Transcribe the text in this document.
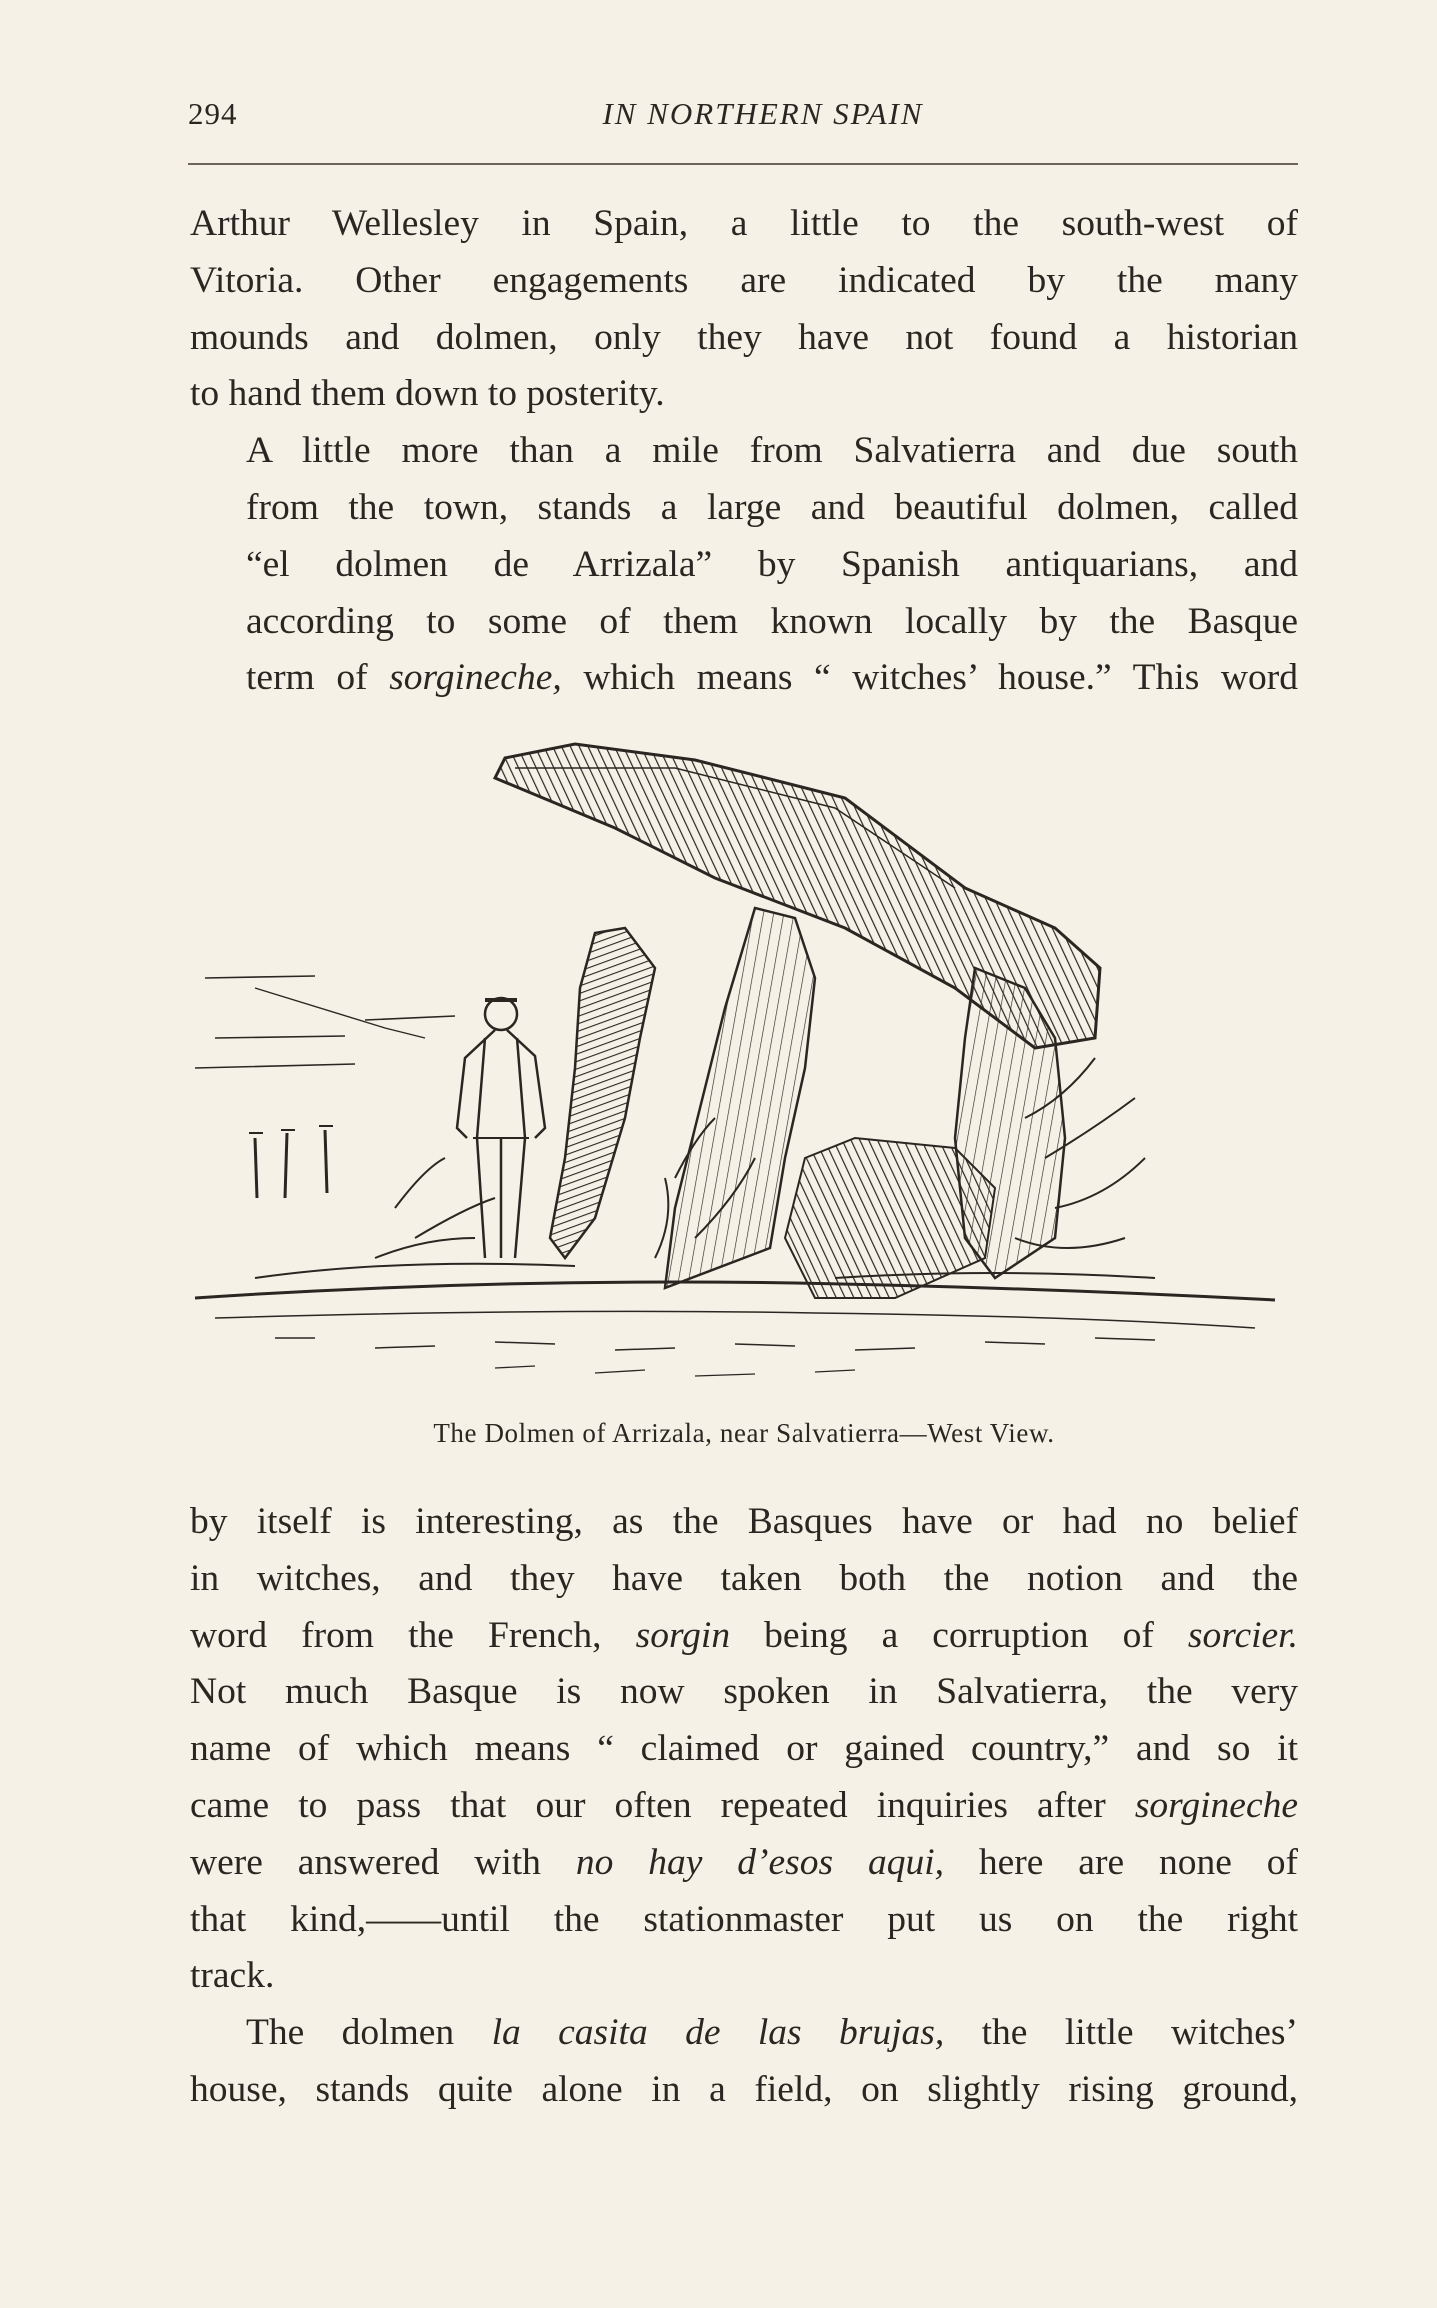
294	IN NORTHERN SPAIN

Arthur Wellesley in Spain, a little to the south-west of
Vitoria. Other engagements are indicated by the many
mounds and dolmen, only they have not found a historian
to hand them down to posterity.

A little more than a mile from Salvatierra and due south
from the town, stands a large and beautiful dolmen, called
“el dolmen de Arrizala” by Spanish antiquarians, and
according to some of them known locally by the Basque
term of sorgineche, which means “ witches’ house.” This word

The Dolmen of Arrizala, near Salvatierra—West View.

by itself is interesting, as the Basques have or had no belief
in witches, and they have taken both the notion and the
word from the French, sorgin being a corruption of sorcier.
Not much Basque is now spoken in Salvatierra, the very
name of which means “ claimed or gained country,” and so it
came to pass that our often repeated inquiries after sorgineche
were answered with no hay d’esos aqui, here are none of
that kind,——until the stationmaster put us on the right
track.

The dolmen la casita de las brujas, the little witches’
house, stands quite alone in a field, on slightly rising ground,
